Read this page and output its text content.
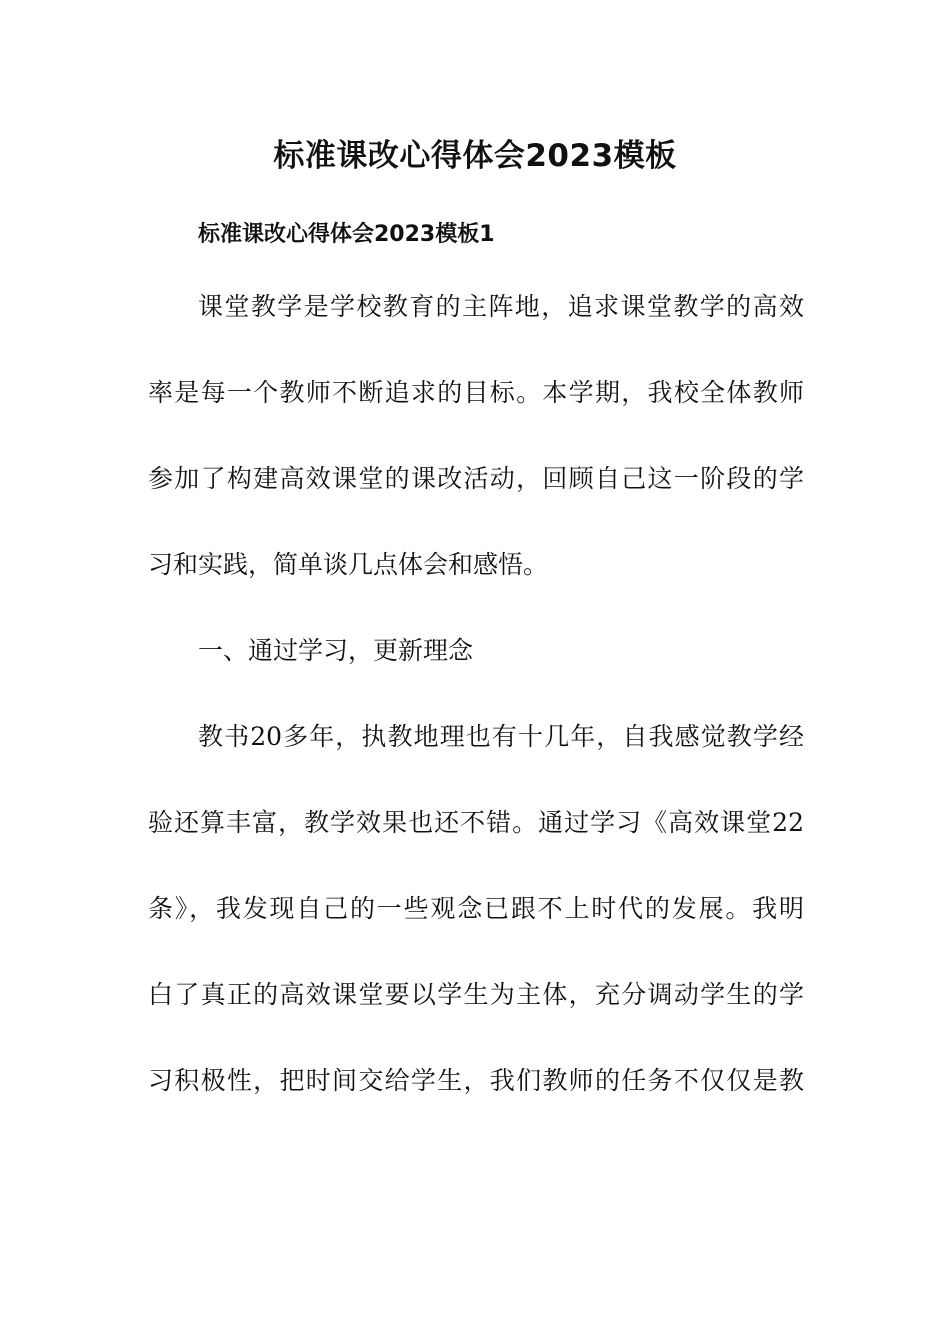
标准课改心得体会2023模板
标准课改心得体会2023模板1
课堂教学是学校教育的主阵地，追求课堂教学的高效
率是每一个教师不断追求的目标。本学期，我校全体教师
参加了构建高效课堂的课改活动，回顾自己这一阶段的学
习和实践，简单谈几点体会和感悟。
一、通过学习，更新理念
教书20多年，执教地理也有十几年，自我感觉教学经
验还算丰富，教学效果也还不错。通过学习《高效课堂22
条》，我发现自己的一些观念已跟不上时代的发展。我明
白了真正的高效课堂要以学生为主体，充分调动学生的学
习积极性，把时间交给学生，我们教师的任务不仅仅是教
